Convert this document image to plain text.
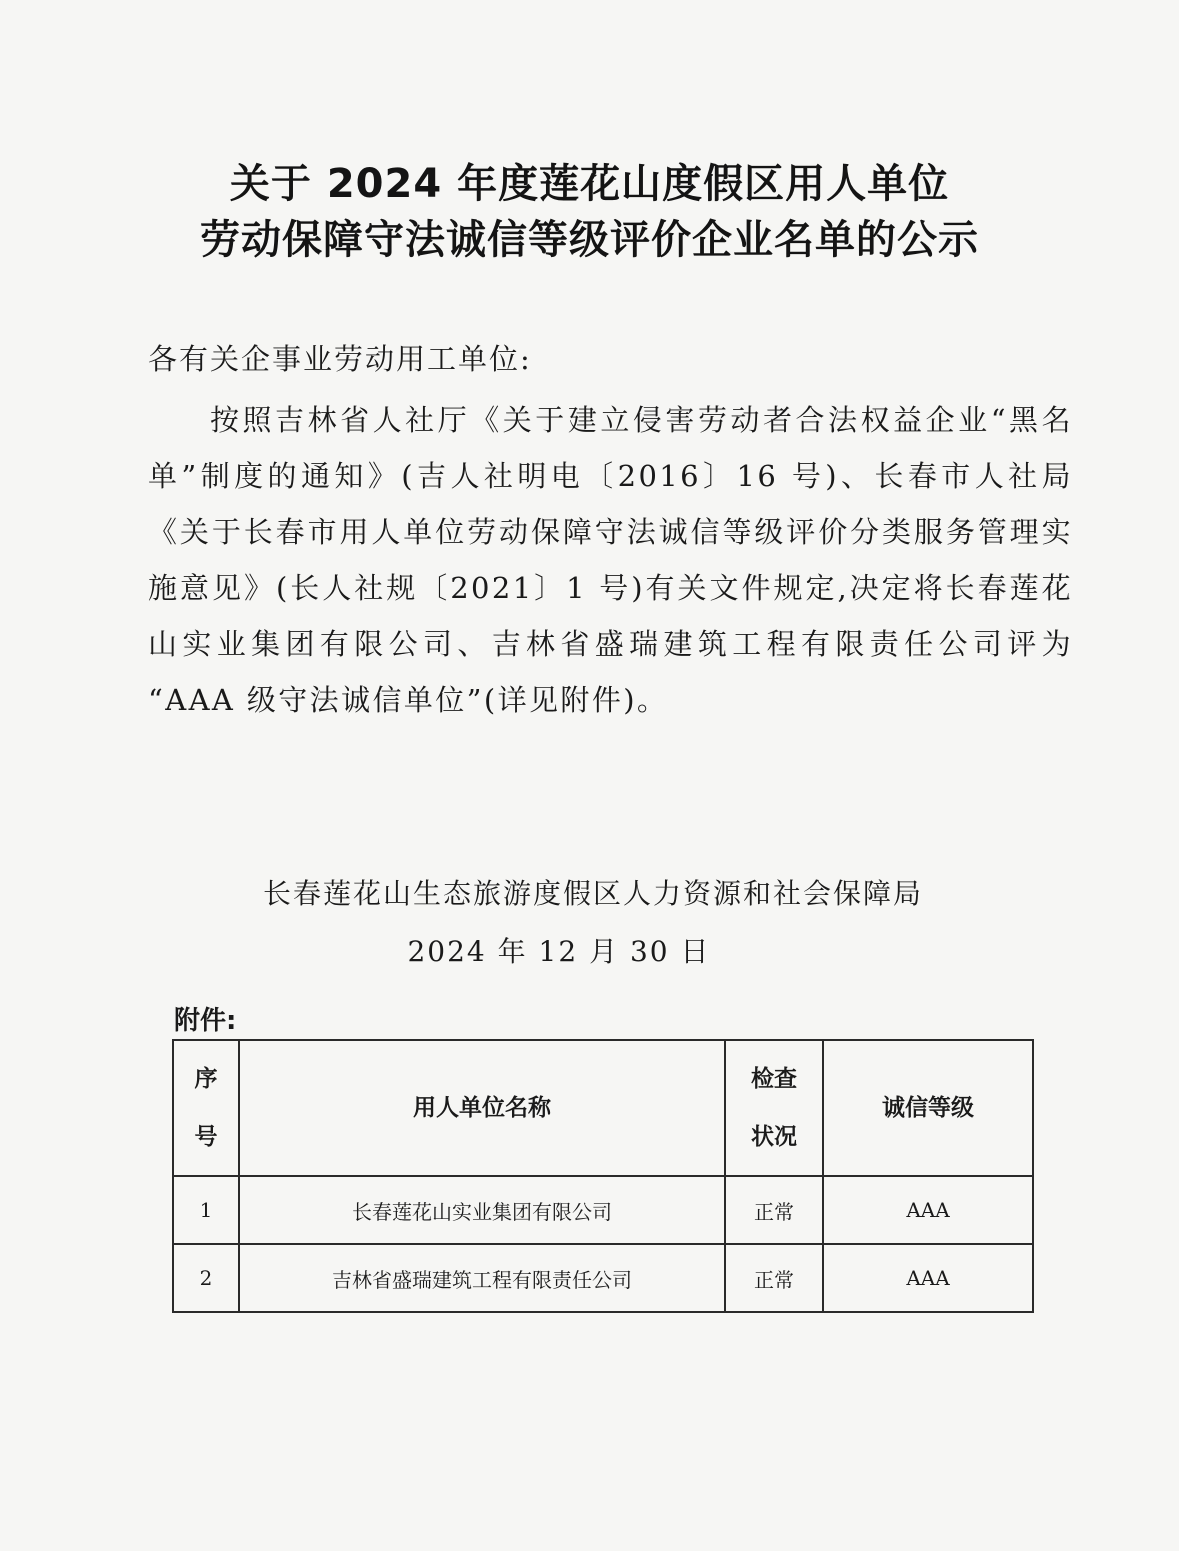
关于 2024 年度莲花山度假区用人单位
劳动保障守法诚信等级评价企业名单的公示
各有关企事业劳动用工单位:
按照吉林省人社厅《关于建立侵害劳动者合法权益企业“黑名单”制度的通知》(吉人社明电〔2016〕16 号)、长春市人社局《关于长春市用人单位劳动保障守法诚信等级评价分类服务管理实施意见》(长人社规〔2021〕1 号)有关文件规定,决定将长春莲花山实业集团有限公司、吉林省盛瑞建筑工程有限责任公司评为 “AAA 级守法诚信单位”(详见附件)。
长春莲花山生态旅游度假区人力资源和社会保障局
2024 年 12 月 30 日
附件:
序号	用人单位名称	检查状况	诚信等级
1	长春莲花山实业集团有限公司	正常	AAA
2	吉林省盛瑞建筑工程有限责任公司	正常	AAA
